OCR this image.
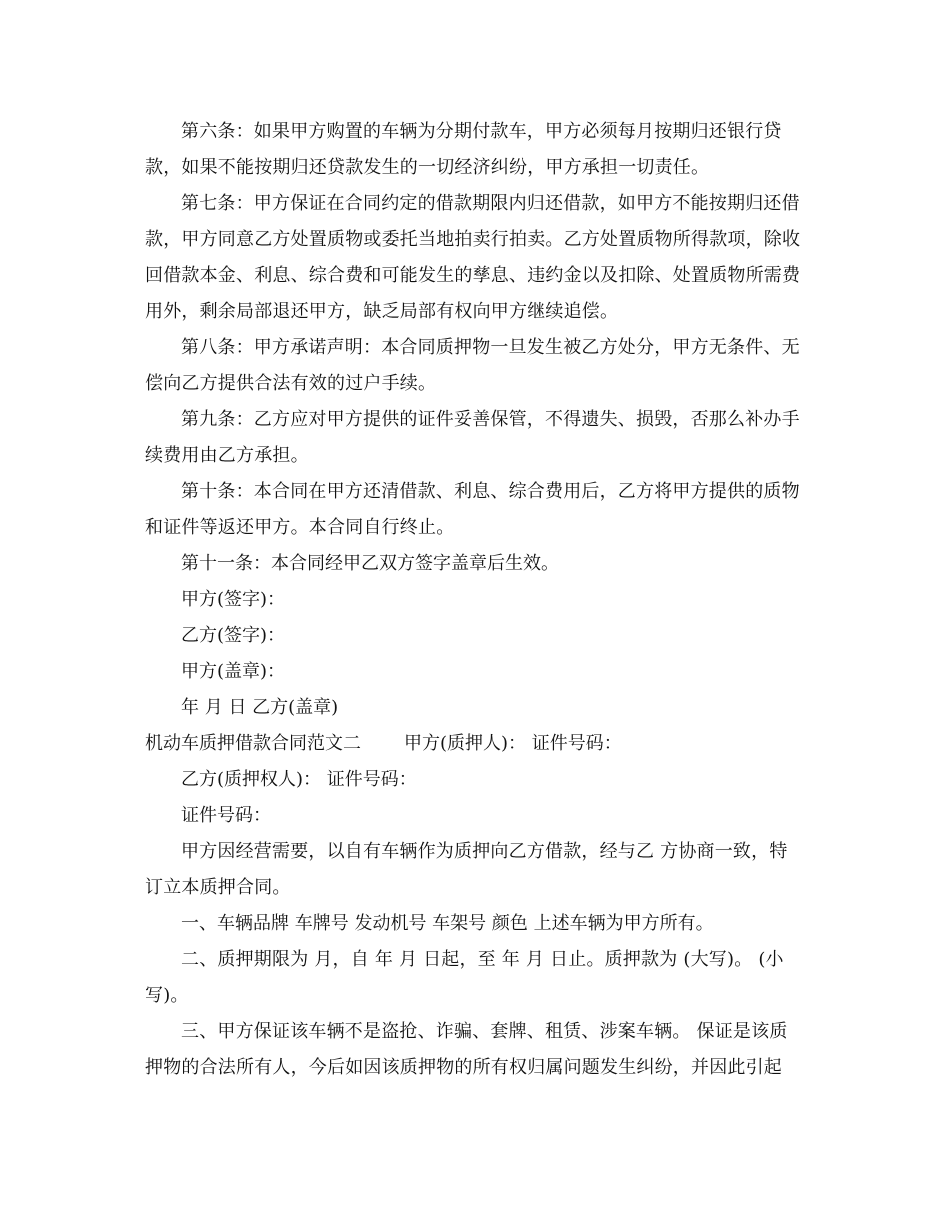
第六条：如果甲方购置的车辆为分期付款车，甲方必须每月按期归还银行贷款，如果不能按期归还贷款发生的一切经济纠纷，甲方承担一切责任。

第七条：甲方保证在合同约定的借款期限内归还借款，如甲方不能按期归还借款，甲方同意乙方处置质物或委托当地拍卖行拍卖。乙方处置质物所得款项，除收回借款本金、利息、综合费和可能发生的孳息、违约金以及扣除、处置质物所需费用外，剩余局部退还甲方，缺乏局部有权向甲方继续追偿。

第八条：甲方承诺声明：本合同质押物一旦发生被乙方处分，甲方无条件、无偿向乙方提供合法有效的过户手续。

第九条：乙方应对甲方提供的证件妥善保管，不得遗失、损毁，否那么补办手续费用由乙方承担。

第十条：本合同在甲方还清借款、利息、综合费用后，乙方将甲方提供的质物和证件等返还甲方。本合同自行终止。

第十一条：本合同经甲乙双方签字盖章后生效。

甲方(签字)：

乙方(签字)：

甲方(盖章)：

年 月 日 乙方(盖章)

机动车质押借款合同范文二 甲方(质押人)： 证件号码：

乙方(质押权人)： 证件号码：

证件号码：

甲方因经营需要，以自有车辆作为质押向乙方借款，经与乙 方协商一致，特订立本质押合同。

一、车辆品牌 车牌号 发动机号 车架号 颜色 上述车辆为甲方所有。

二、质押期限为 月，自 年 月 日起，至 年 月 日止。质押款为 (大写)。 (小写)。

三、甲方保证该车辆不是盗抢、诈骗、套牌、租赁、涉案车辆。 保证是该质押物的合法所有人，今后如因该质押物的所有权归属问题发生纠纷，并因此引起
